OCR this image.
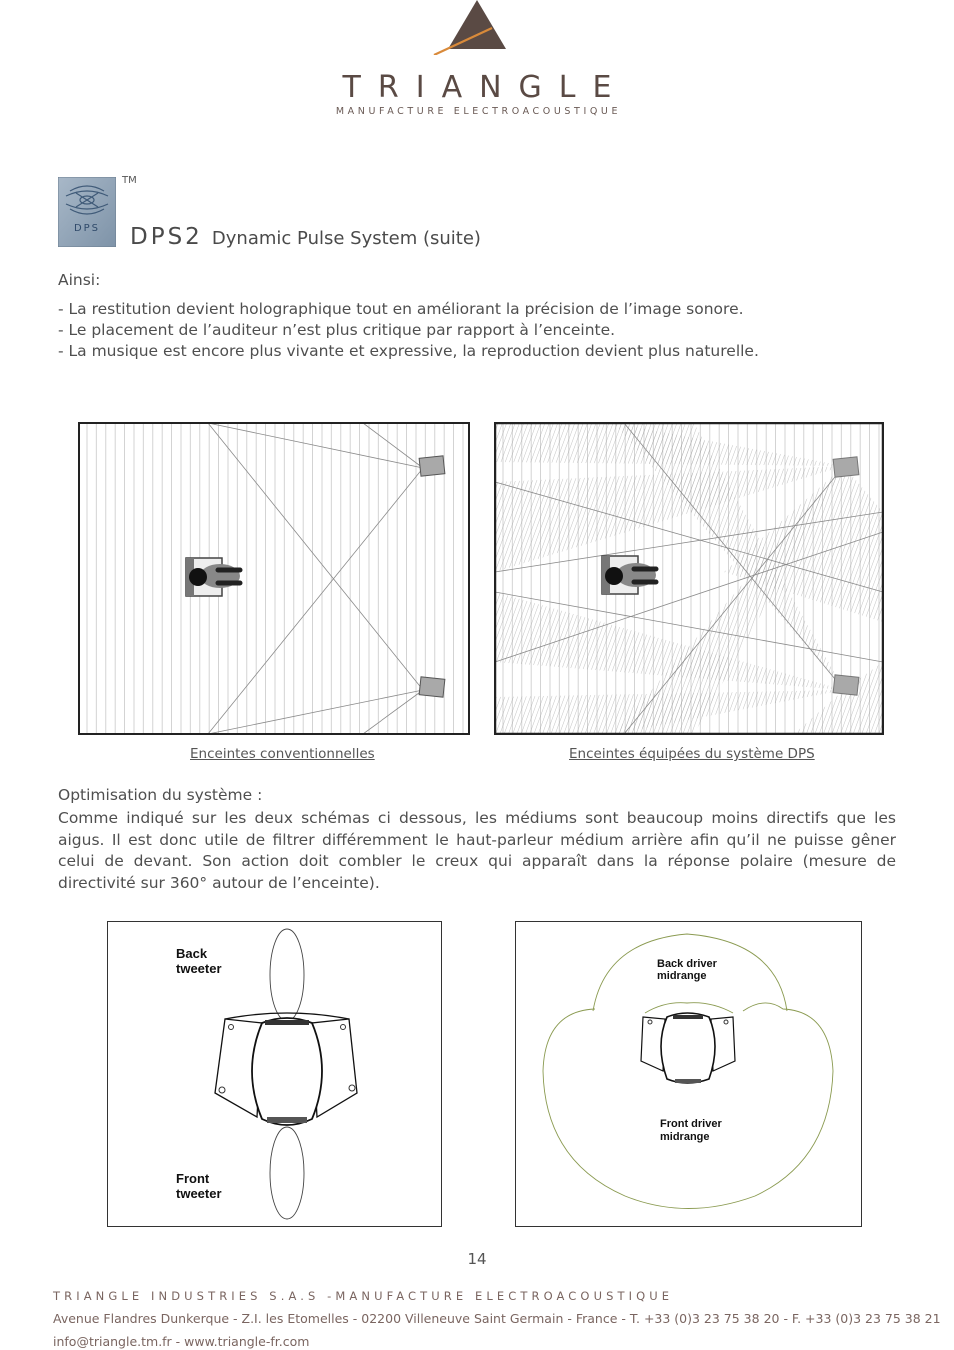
TRIANGLE
MANUFACTURE ELECTROACOUSTIQUE
DPS
TM
DPS2 Dynamic Pulse System (suite)
Ainsi:
- La restitution devient holographique tout en améliorant la précision de l’image sonore.
- Le placement de l’auditeur n’est plus critique par rapport à l’enceinte.
- La musique est encore plus vivante et expressive, la reproduction devient plus naturelle.
Enceintes conventionnelles	Enceintes équipées du système DPS
Optimisation du système :
Comme indiqué sur les deux schémas ci dessous, les médiums sont beaucoup moins directifs que les aigus. Il est donc utile de filtrer différemment le haut-parleur médium arrière afin qu’il ne puisse gêner celui de devant. Son action doit combler le creux qui apparaît dans la réponse polaire (mesure de directivité sur 360° autour de l’enceinte).
Back
tweeter
Front
tweeter
Back driver
midrange
Front driver
midrange
14
TRIANGLE INDUSTRIES S.A.S -MANUFACTURE ELECTROACOUSTIQUE
Avenue Flandres Dunkerque - Z.I. les Etomelles - 02200 Villeneuve Saint Germain - France - T. +33 (0)3 23 75 38 20 - F. +33 (0)3 23 75 38 21
info@triangle.tm.fr - www.triangle-fr.com
